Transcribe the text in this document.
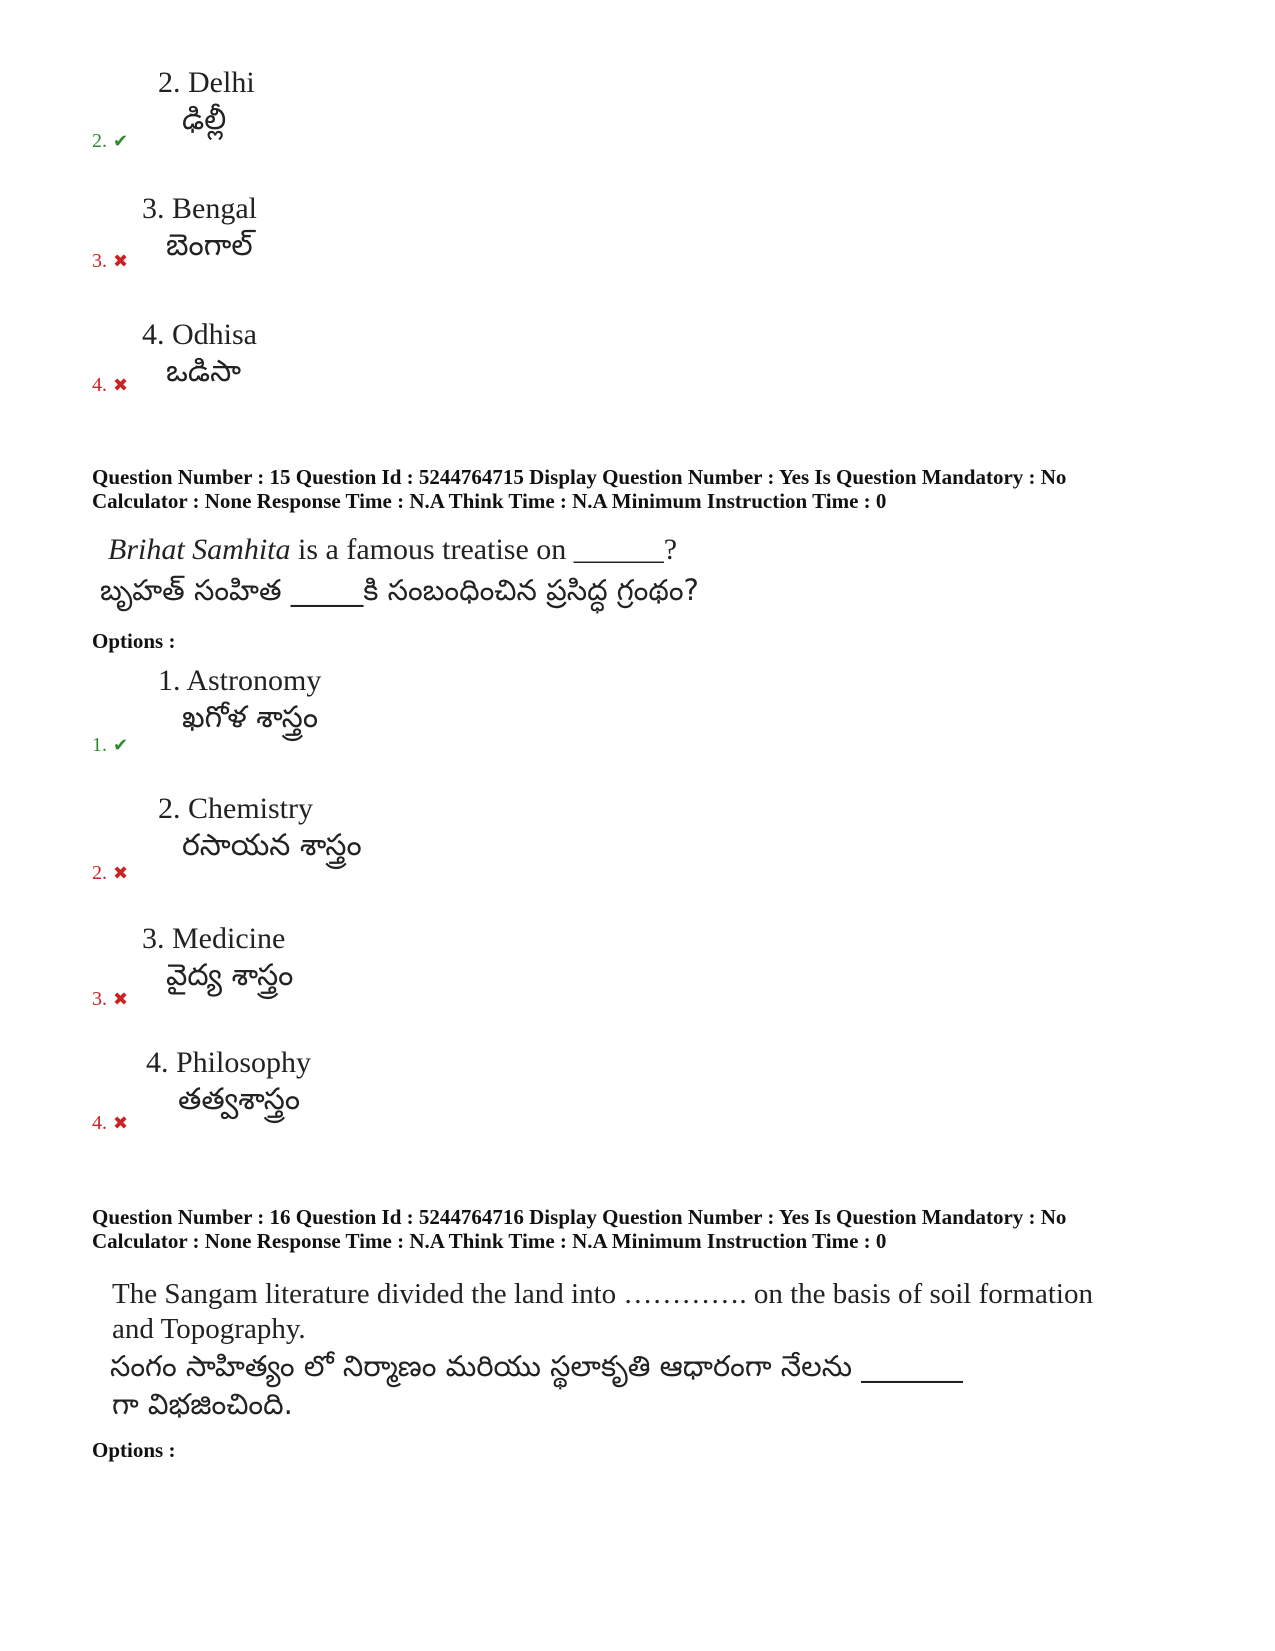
2. Delhi
ఢిల్లీ
2. ✔
3. Bengal
బెంగాల్
3. ✖
4. Odhisa
ఒడిసా
4. ✖
Question Number : 15 Question Id : 5244764715 Display Question Number : Yes Is Question Mandatory : No
Calculator : None Response Time : N.A Think Time : N.A Minimum Instruction Time : 0
Brihat Samhita is a famous treatise on ______?
బృహత్ సంహిత _____కి సంబంధించిన ప్రసిద్ధ గ్రంథం?
Options :
1. Astronomy
ఖగోళ శాస్త్రం
1. ✔
2. Chemistry
రసాయన శాస్త్రం
2. ✖
3. Medicine
వైద్య శాస్త్రం
3. ✖
4. Philosophy
తత్వశాస్త్రం
4. ✖
Question Number : 16 Question Id : 5244764716 Display Question Number : Yes Is Question Mandatory : No
Calculator : None Response Time : N.A Think Time : N.A Minimum Instruction Time : 0
The Sangam literature divided the land into …………. on the basis of soil formation
and Topography.
సంగం సాహిత్యం లో నిర్మాణం మరియు స్థలాకృతి ఆధారంగా నేలను _______
గా విభజించింది.
Options :
